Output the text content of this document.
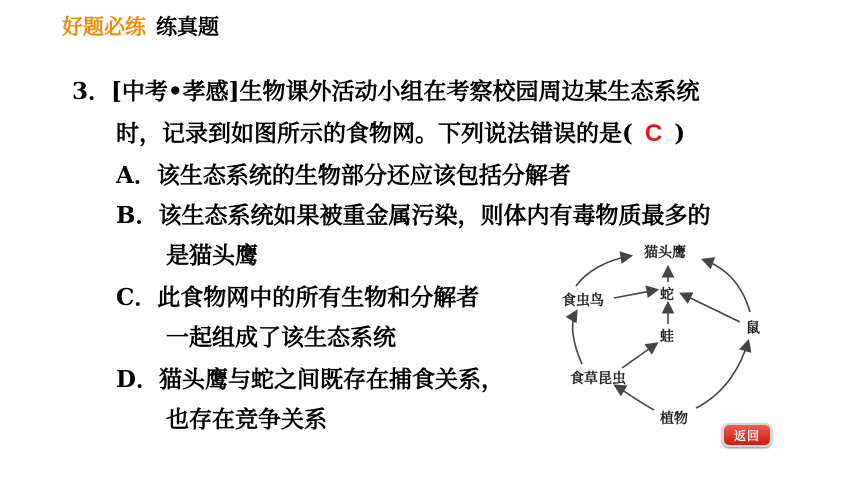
好题必练 练真题
3．[中考•孝感]生物课外活动小组在考察校园周边某生态系统
时，记录到如图所示的食物网。下列说法错误的是( C )
A．该生态系统的生物部分还应该包括分解者
B．该生态系统如果被重金属污染，则体内有毒物质最多的
是猫头鹰
C．此食物网中的所有生物和分解者
一起组成了该生态系统
D．猫头鹰与蛇之间既存在捕食关系，
也存在竞争关系
猫头鹰
食虫鸟	蛇
蛙
鼠
食草昆虫
植物
返回
